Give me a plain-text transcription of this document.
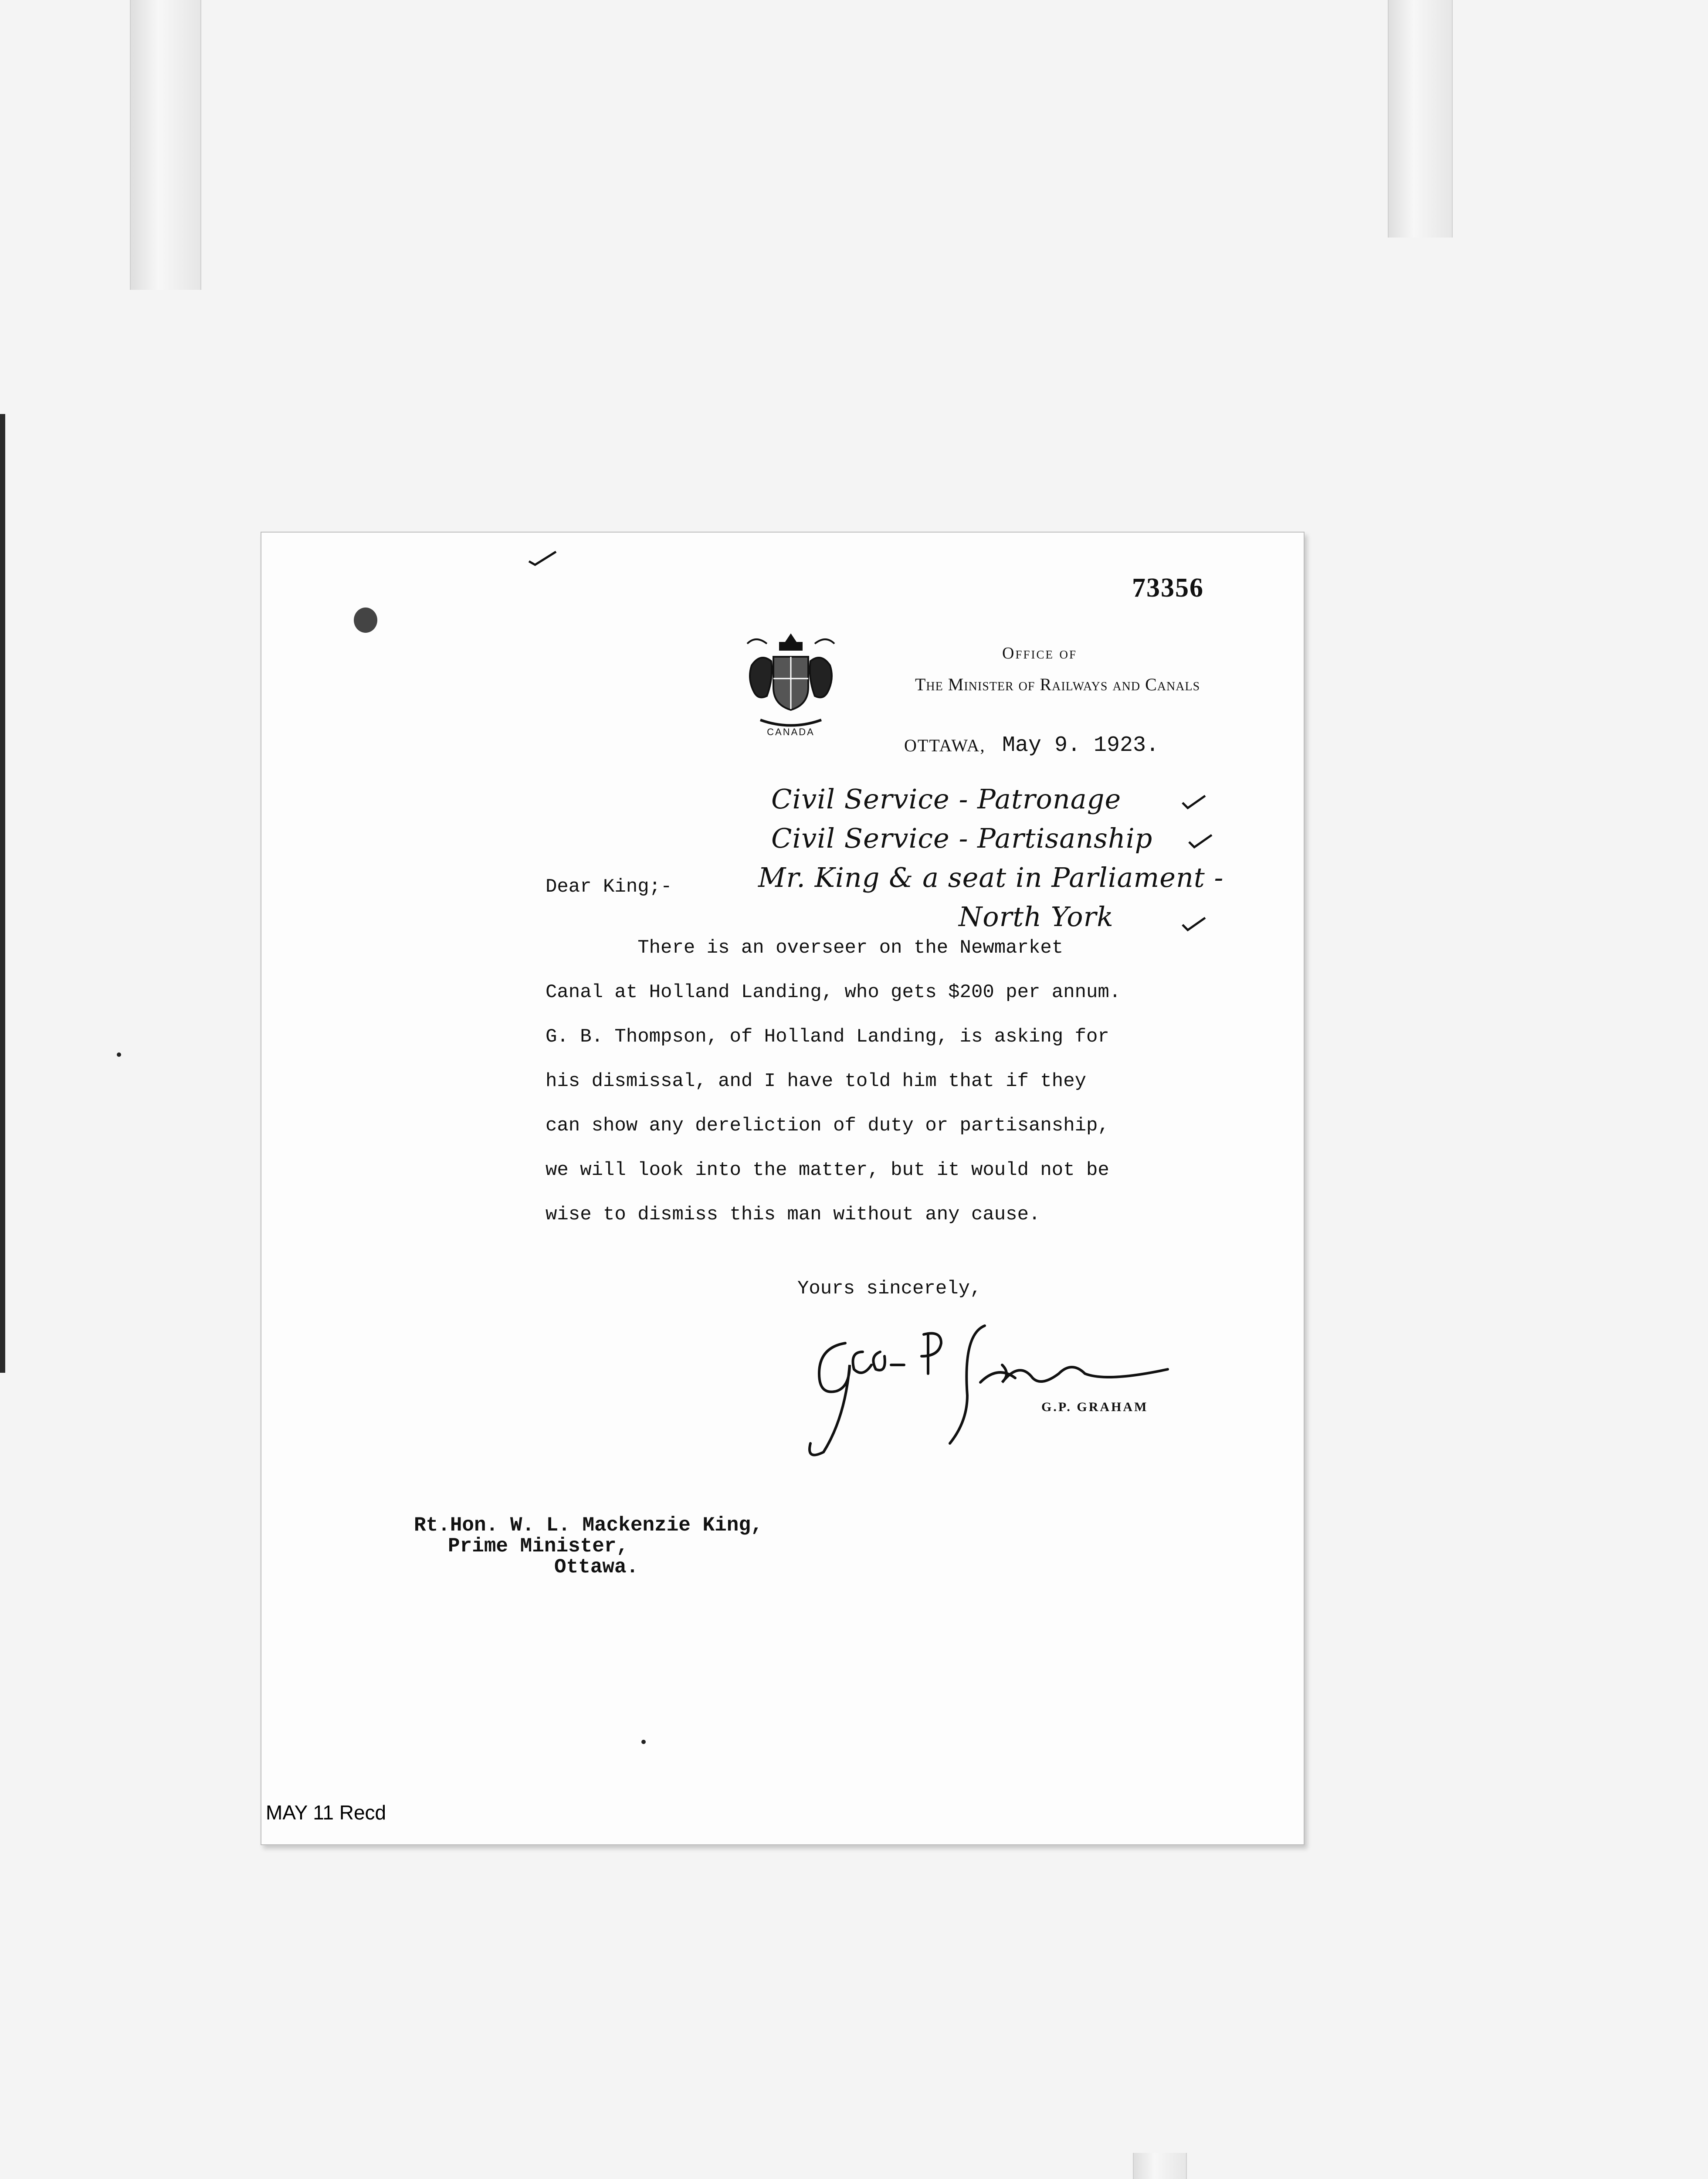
73356

CANADA

Office of

The Minister of Railways and Canals

OTTAWA, May 9. 1923.

Civil Service - Patronage

Civil Service - Partisanship

Mr. King & a seat in Parliament -

North York

Dear King;-

There is an overseer on the Newmarket

Canal at Holland Landing, who gets $200 per annum.

G. B. Thompson, of Holland Landing, is asking for

his dismissal, and I have told him that if they

can show any dereliction of duty or partisanship,

we will look into the matter, but it would not be

wise to dismiss this man without any cause.

Yours sincerely,

G.P. GRAHAM

Rt.Hon. W. L. Mackenzie King,

Prime Minister,

Ottawa.

MAY 11 Recd
